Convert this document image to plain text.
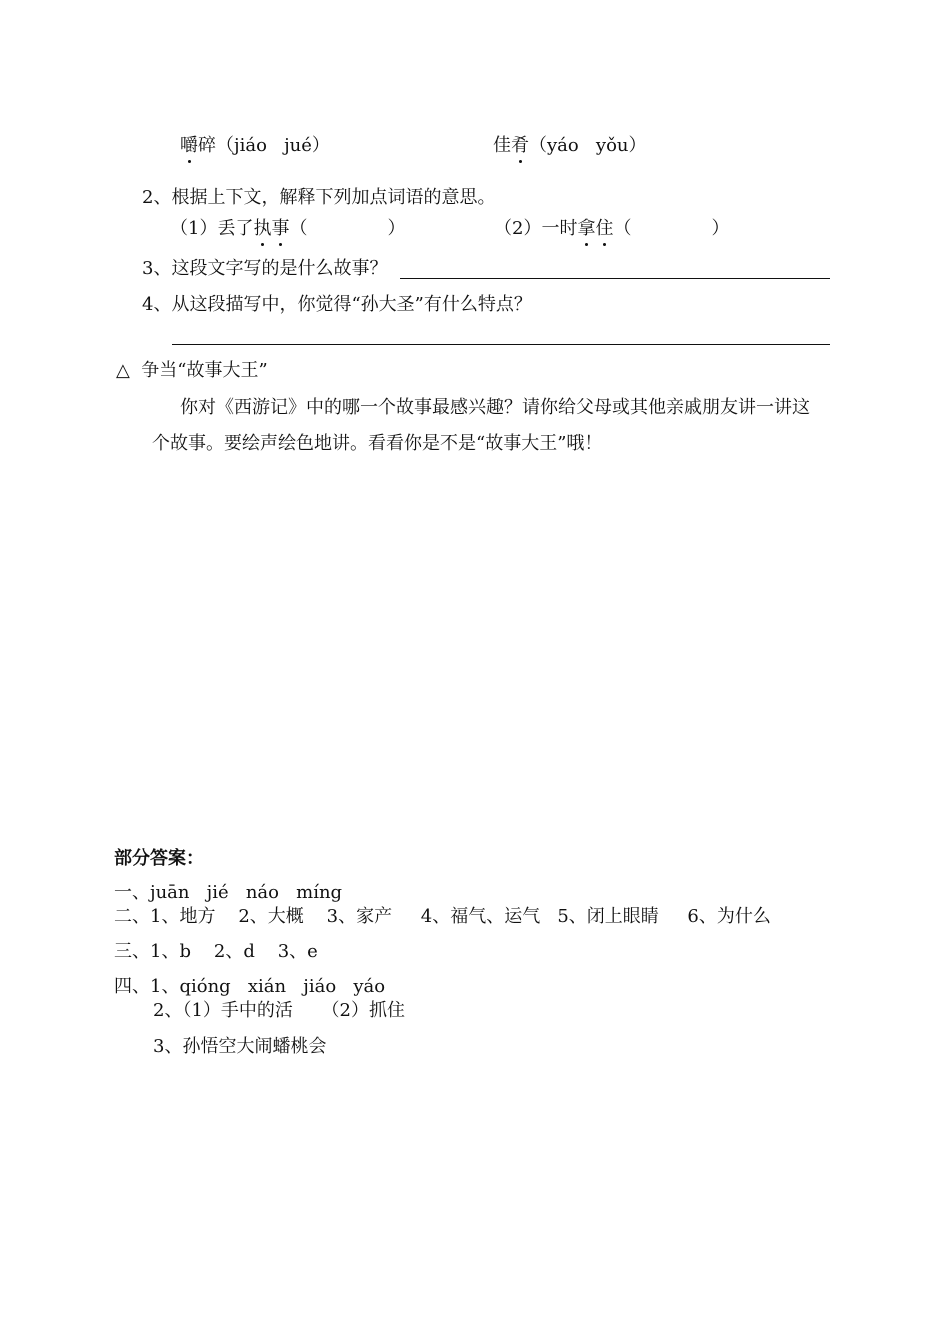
嚼碎（jiáo   jué）	佳肴（yáo   yǒu）
2、根据上下文，解释下列加点词语的意思。
（1）丢了执事（              ）	（2）一时拿住（              ）
3、这段文字写的是什么故事？
4、从这段描写中，你觉得“孙大圣”有什么特点？
△  争当“故事大王”
你对《西游记》中的哪一个故事最感兴趣？请你给父母或其他亲戚朋友讲一讲这
个故事。要绘声绘色地讲。看看你是不是“故事大王”哦！
部分答案：
一、juān   jié   náo   míng
二、1、地方    2、大概    3、家产     4、福气、运气   5、闭上眼睛     6、为什么
三、1、b    2、d    3、e
四、1、qióng   xián   jiáo   yáo
2、（1）手中的活     （2）抓住
3、孙悟空大闹蟠桃会
